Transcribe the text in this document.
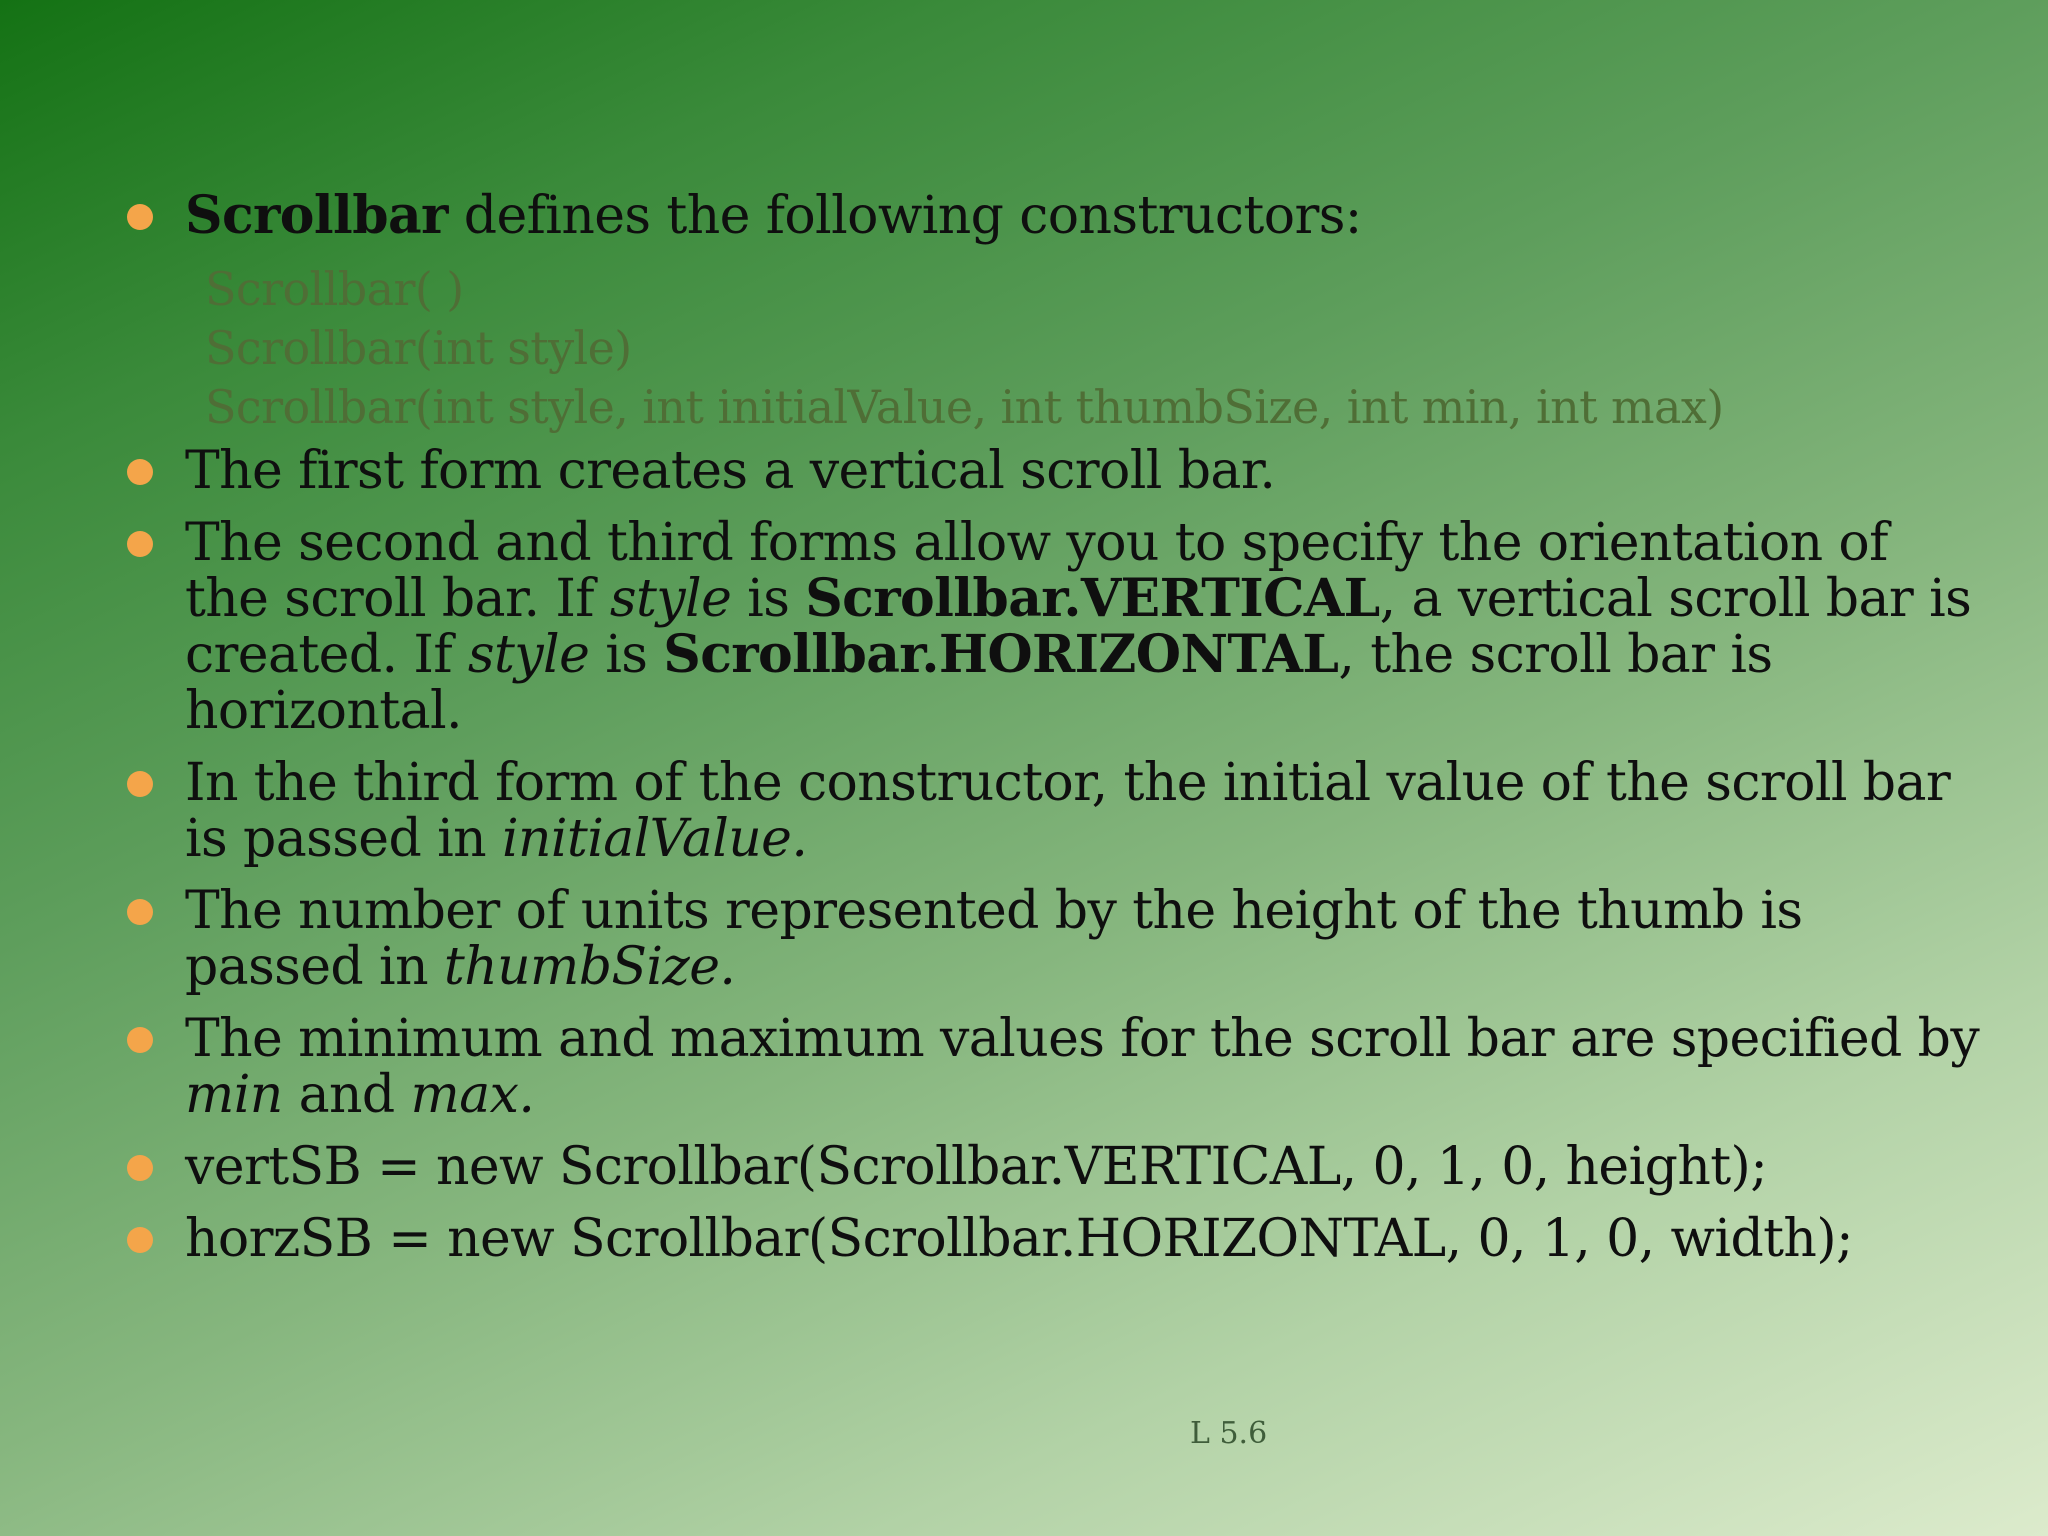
Scrollbar defines the following constructors:
Scrollbar( )
Scrollbar(int style)
Scrollbar(int style, int initialValue, int thumbSize, int min, int max)
The first form creates a vertical scroll bar.
The second and third forms allow you to specify the orientation of the scroll bar. If style is Scrollbar.VERTICAL, a vertical scroll bar is created. If style is Scrollbar.HORIZONTAL, the scroll bar is horizontal.
In the third form of the constructor, the initial value of the scroll bar is passed in initialValue.
The number of units represented by the height of the thumb is passed in thumbSize.
The minimum and maximum values for the scroll bar are specified by min and max.
vertSB = new Scrollbar(Scrollbar.VERTICAL, 0, 1, 0, height);
horzSB = new Scrollbar(Scrollbar.HORIZONTAL, 0, 1, 0, width);
L 5.6
